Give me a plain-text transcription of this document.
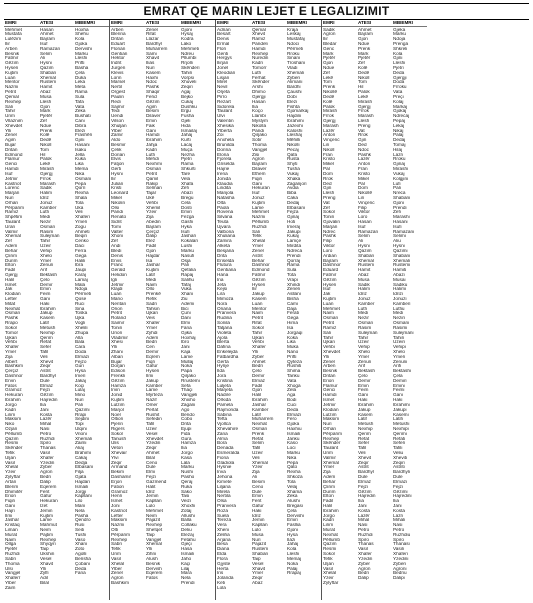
EMRAT QE MARIN LEJET E LEGALIZIMIT
EMRI
Mehmet
Mustafa
Lulëzim
Ilir
Arben
Besnik
Fatmir
Gëzim
Hysen
Kujtim
Luan
Mentor
Nazmi
Petrit
Qemal
Rexhep
Sali
Tahir
Urim
Vllaznim
Xhevdet
Ylli
Zenel
Agim
Bujar
Dritan
Edmond
Flamur
Genci
Hamdi
Isuf
Jetmir
Kastriot
Lorenc
Marjan
Nuri
Orhan
Përparim
Ramiz
Shpëtim
Taulant
Uran
Valmir
Xhemal
Zef
Adem
Behar
Çlirim
Durim
Elton
Fadil
Gjergj
Halil
Ismet
Jak
Klodian
Lefter
Mitat
Nexhat
Osman
Pashk
Rrapo
Sokol
Tomor
Ujkan
Vehbi
Xhafer
Ymer
Zija
Albert
Bashkim
Çerçiz
Dashnor
Ervin
Fatos
Gramoz
Hekuran
Ibrahim
Jorgo
Kadri
Lirim
Maksim
Niko
Ozjan
Pëllumb
Qazim
Resmi
Skënder
Tefik
Uljan
Vasil
Xhelal
Yzeir
Zylyftar
Artan
Blerim
Dhimitër
Erion
Fiqiri
Gani
Hajri
Ilmi
Jashar
Kristaq
Liman
Murat
Naim
Ollga
Pjetër
Ruzhdi
Sabri
Thoma
Ulsi
Vangjel
Xhaferr
Ylber
Zaim
ATESI
Hasan
Ahmet
Bajram
Isuf
Ramazan
Selim
Ali
Hysni
Qazim
Shaban
Xhemal
Rustem
Hamit
Abaz
Musa
Llesh
Gjon
Mark
Pjetër
Zef
Ndue
Prenk
Kolë
Dedë
Nikoll
Tom
Hil
Palok
Lekë
Mirash
Gjergj
Frrok
Marash
Sadik
Halim
Idriz
Jonuz
Kamber
Lutfi
Medi
Nezir
Osman
Rasim
Sulejman
Tahir
Uzeir
Vehip
Xhelo
Ymer
Zenun
Arif
Bektash
Çelo
Demir
Emin
Feim
Gani
Haki
Ibrahim
Jakup
Kasem
Latif
Metush
Nexhip
Qerim
Refat
Sefer
Tafil
Veli
Xhevit
Zeqir
Astrit
Bardhyl
Dule
Elmaz
Fejzi
Gëzim
Hajredin
Ilia
Jani
Kosta
Lazër
Mihal
Nasi
Petro
Ruzhdi
Spiro
Thanas
Vasil
Xhafer
Yzedin
Zyber
Agron
Bedri
Dalip
Eqerem
Ferit
Gafur
Hekuran
Izet
Jemin
Kujtim
Lame
Mahmut
Neim
Pajtim
Rexhep
Shyqyri
Taip
Ukshin
Vesel
Xhavit
Ylli
Zylfi
Adil
Bilal
MBIEMRI
Hoxha
Shehu
Kola
Gjoka
Dervishi
Marku
Lleshi
Prifti
Basha
Çela
Duka
Leka
Meta
Rama
Sula
Tafa
Vata
Zeka
Bushati
Cani
Dibra
Elezi
Frashëri
Gjini
Hasani
Isaku
Jella
Kuka
Lika
Mema
Nika
Osmani
Pepa
Qorri
Rexha
Shala
Tola
Uka
Veli
Xhaferi
Ymeri
Zogu
Ahmeti
Beqiri
Cenko
Daci
Ferra
Gega
Halili
Ibra
Jaupi
Karaj
Lamaj
Mala
Ndoja
Përmeti
Qose
Ruci
Sina
Toska
Ujka
Vogli
Xhelili
Zhupa
Alla
Bala
Cara
Doda
Elmazi
Fejzo
Guri
Hysa
Imeri
Jakaj
Koçi
Lulaj
Mino
Nuri
Pali
Qazimi
Rrapi
Sejdini
Topi
Ulqini
Vrioni
Xhemali
Zaimi
Aliaj
Brahimi
Cakaj
Dedja
Elbasani
Filja
Gjata
Hajdari
Ismaili
Jorgji
Kapllani
Lilo
Mani
Nela
Pasha
Qendro
Rusi
Seiti
Tushi
Vaso
Xhani
Zoto
Agolli
Berisha
Çobani
Deda
Fana
EMRI
Arben
Blerina
Dritan
Eduart
Florian
Gentian
Hektor
Indrit
Jurgen
Klevis
Lorin
Marsel
Nertil
Orgest
Paulin
Redi
Sajmir
Tedi
Uendi
Vilson
Xhuljan
Ylber
Zamir
Aldo
Besmir
Çelik
Dorian
Elvis
Fatjon
Gerti
Hysni
Ilir
Julian
Kristi
Leonard
Mikel
Nikolin
Olsi
Pandi
Renato
Sidrit
Tomi
Valter
Xhoni
Zef
Andi
Bledi
Denis
Ervis
Franc
Gerald
Helidon
Igli
Jetmir
Klajdi
Luan
Mario
Neritan
Orion
Petrit
Roland
Saimir
Tonin
Urion
Vladimir
Xhesi
Ylli
Zhani
Alban
Bujar
Dorjan
Edison
Frenkli
Gëzim
Hamza
Irvin
Jonid
Kujtim
Lulzim
Marjol
Noel
Oltion
Pjerin
Rigers
Sokol
Tanush
Ulis
Veton
Xhevair
Ylvi
Zeqir
Armand
Bekim
Dashamir
Erjon
Fation
Gramoz
Henri
Ismet
Joni
Kastriot
Lefter
Maksim
Nazmi
Olti
Përparim
Rexhep
Sabri
Tefik
Urim
Vasil
Xhelal
Ylber
Zenel
Agron
Bashkim
ATESI
Zenel
Rifat
Llazar
Bardhyl
Muharrem
Sami
Xhavit
Ilias
Nuri
Kasem
Haxhi
Ndoc
Pashk
Shaqir
Ferid
Gëzim
Agim
Besim
Dilaver
Emin
Faik
Gani
Hamdi
Ibrahim
Jahja
Kadri
Lutfi
Mehdi
Nexhmi
Osman
Petrit
Qamil
Rakip
Selman
Tajar
Ukë
Vehbi
Xhemil
Yzeir
Zija
Abedin
Bajram
Çerçiz
Dalip
Elez
Fadil
Gjon
Hajdar
Isa
Jashar
Kujtim
Latif
Medi
Naim
Ollo
Prenkë
Refik
Sadri
Tahsin
Ujkan
Veis
Xhafer
Ymer
Zyhdi
Adem
Bedri
Cen
Demir
Eqrem
Fiqri
Gafur
Hysen
Ilmi
Jakup
Kamber
Lame
Myrteza
Nazif
Omer
Perlat
Rushit
Sefedin
Tafil
Uzeir
Vesel
Xhevdet
Yzedin
Zeqir
Ahmet
Bilal
Ceno
Dule
Elmi
Fejzi
Gazmend
Halit
Idriz
Jemin
Kapllan
Lulo
Mehmet
Neim
Pajazit
Rexhep
Shefqet
Taip
Vangjel
Xhemal
Ylli
Zihni
Alush
Besnik
Dervish
Eqerem
Fatos
MBIEMRI
Gjoni
Hysaj
Kodra
Lako
Mehmeti
Ndreu
Pllumbi
Rrjolli
Skënderi
Tahiri
Vorpsi
Xhuveli
Zeqiri
Agaj
Bejko
Cukaj
Dushku
Ergu
Fusha
Gjeli
Hida
Ismailaj
Jahaj
Kurti
Lacaj
Muça
Nezha
Pjetri
Rama
Shkurti
Tare
Vela
Xhafa
Zefi
Abazi
Bregu
Cela
Dosti
Emiri
Fezga
Gashi
Hyka
Isufi
Jashari
Kokalari
Lushi
Marku
Nasufi
Osja
Pali
Qefalia
Rapaj
Salihu
Tafaj
Vuka
Xhani
Ziu
Ademi
Bici
Çuni
Dani
Elmi
Fana
Gjika
Hoxhaj
Ibro
Jani
Kaja
Lame
Mullaj
Noka
Papa
Qirjako
Rrustemi
Sefa
Thaçi
Vangjeli
Xhixho
Zagani
Ago
Bendo
Cobo
Drita
Ejupi
Fida
Gura
Hamza
Ilia
Jorgo
Kasa
Lala
Marku
Nushi
Pasho
Qeraj
Ruka
Sako
Tasi
Veizi
Xhoxhi
Zotaj
Allushi
Balla
Collaku
Deliu
Elezaj
Fetahu
Gjeçi
Hasa
Ismaili
Jaho
Kaçi
Lilaj
Mara
Nela
Prendi
EMRI
Adrian
Besart
Denis
Ermal
Flori
Genti
Hergys
Ilirjan
Jonel
Kleodian
Lisjan
Mirel
Nevil
Orjeta
Pirro
Rezart
Sidorela
Taulant
Ulvi
Valentin
Xhesika
Ylberta
Zoi
Anxhela
Brunilda
Dorina
Elona
Fjorela
Griselda
Hajrie
Irena
Jonida
Klaudia
Lindita
Manjola
Natasha
Olta
Paola
Rovena
Silvana
Teuta
Ujvara
Valbona
Xhuliana
Zamira
Alketa
Besjana
Drita
Eriselda
Flutura
Gentiana
Hana
Ina
Jeta
Kejsi
Lira
Mimoza
Nora
Oriana
Pranvera
Rudina
Sonila
Tatjana
Violeta
Ajola
Blerta
Dafina
Enkelejda
Fatbardha
Gerta
Hyrije
Ilda
Jora
Kristina
Luljeta
Marjeta
Nadire
Orkida
Pamela
Rajmonda
Sabina
Tefta
Vjollca
Xhevahire
Zana
Alma
Bora
Denada
Esmeralda
Fiona
Gladiola
Hysnie
Inva
Jehona
Kimete
Liljana
Mirela
Nertila
Olsa
Pranvera
Roza
Suela
Tereza
Vera
Xheni
Zeliha
Arjana
Besa
Diana
Elda
Flora
Gjyste
Herta
Iris
Jolanda
Keti
Lola
ATESI
Qemal
Xhevit
Ramiz
Pandeli
Hamdi
Rexhep
Nuredin
Kadri
Tomorr
Lutfi
Ferhat
Skënder
Arshi
Dhimo
Gjergji
Hasan
Ilia
Koço
Llambi
Myslym
Nikolla
Pandi
Qirjako
Sotir
Thoma
Vangjel
Zisi
Agron
Bajram
Dilaver
Ethem
Fiqiri
Gani
Hekuran
Isuf
Jonuz
Kujtim
Lame
Mehmet
Nazmi
Pëllumb
Ruzhdi
Sali
Tefik
Xhelal
Ymer
Zenel
Astrit
Behar
Dashnor
Edmond
Fatmir
Gëzim
Hysen
Ilir
Jakup
Kasem
Luan
Mentor
Naim
Petrit
Rifat
Sokol
Tahir
Ujkan
Vehbi
Xhafer
Ylli
Zyber
Ahmet
Bedri
Çelo
Demir
Elmaz
Fadil
Gjon
Halil
Ibrahim
Jashar
Kamber
Latif
Muharrem
Nexhat
Osman
Prenk
Refat
Selim
Tafil
Uzeir
Veli
Xhemal
Yzeir
Zija
Ali
Besim
Ceno
Dule
Emin
Ferit
Gafur
Haki
Idriz
Jemin
Kapllan
Lulo
Musa
Nuri
Pajazit
Rustem
Shaban
Taip
Vesel
Xhavit
Ymer
Zeqir
Abaz
MBIEMRI
Kraja
Leskaj
Mustafaj
Ndoci
Përmeti
Rroku
Sinani
Troshani
Vladi
Xhemali
Zyberi
Alimani
Bardhi
Çaushi
Dobi
Elezi
Fishta
Gjomarkaj
Hajdini
Ibrahimi
Jazexhi
Kaloshi
Lleshaj
Mëhilli
Nikolli
Pecaj
Qafa
Rusta
Shyti
Tusha
Vukaj
Xhaka
Zaganjori
Avdia
Biba
Caka
Dedaj
Elbasani
Fejza
Gjinaj
Hoti
Imeraj
Jakupi
Kukaj
Lamçe
Mirdita
Ndreca
Prendi
Qorraj
Rama
Sula
Tota
Vrapi
Xhindi
Zeneli
Asllani
Bisha
Cami
Daja
Ferati
Gega
Hima
Isa
Jorgaqi
Koka
Lika
Muka
Nano
Prifti
Qyteza
Rushiti
Shima
Tanku
Vata
Xhoga
Zela
Aga
Bodi
Cuci
Deda
Elmazi
Fero
Gjoka
Haxhiu
Ismaili
Janku
Kaso
Loci
Marku
Nika
Pepa
Qato
Rexha
Shkoza
Tola
Velaj
Xhama
Zeka
Alushi
Bregasi
Çela
Dervishi
Emiri
Fasllia
Gjoni
Hysa
Ilazi
Jahaj
Kola
Lleshi
Memaj
Noka
Palaj
Rrapaj
EMRI
Sadik
Agron
Ilir
Bledar
Genc
Mark
Pjetër
Gjon
Ndue
Zef
Lekë
Tom
Prenk
Nikollë
Dedë
Kolë
Palok
Mirash
Frrok
Gjergj
Marash
Lazër
Anton
Vinçenc
Lin
Nikoll
Fran
Kristo
Mikel
Pal
Dom
Rrok
Ded
Gjin
Llesh
Preng
Vat
Zef
Sokol
Tonin
Gjovalin
Marjan
Ndrec
Pashk
Filip
Viktor
Loro
Ardian
Bajram
Dashnor
Eduard
Fatmir
Gëzim
Hysen
Isuf
Jak
Kujtim
Luan
Mehmet
Naim
Osman
Petrit
Ramiz
Sali
Tahir
Ujkan
Vehbi
Xhevdet
Ylli
Zenel
Arben
Besnik
Dritan
Erion
Flamur
Genci
Hamdi
Ismet
Jetmir
Klodian
Lulzim
Maksim
Nuri
Orhan
Përparim
Rexhep
Skënder
Taulant
Urim
Valmir
Xhemal
Ymer
Zija
Adem
Behar
Çlirim
Durim
Elton
Fadil
Halil
Ibrahim
Jorgo
Kadri
Lirim
Murat
Nexhat
Pëllumb
Qazim
Resmi
Sokol
Tefik
Uljan
Vasil
Xhelal
Yzeir
Zylyftar
ATESI
Ahmet
Bajram
Gjon
Ndue
Prenk
Mark
Pjetër
Zef
Kolë
Dedë
Nikoll
Tom
Hil
Palok
Lekë
Mirash
Gjergj
Frrok
Marash
Llesh
Preng
Vat
Rrok
Gjin
Ded
Ndoc
Pashk
Lazër
Anton
Fran
Kristo
Mikel
Pal
Dom
Nikollë
Lin
Vinçenc
Filip
Viktor
Loro
Hasan
Isuf
Ramazan
Selim
Ali
Hysni
Qazim
Shaban
Xhemal
Rustem
Hamit
Abaz
Musa
Sadik
Halim
Idriz
Jonuz
Kamber
Lutfi
Medi
Nezir
Osman
Rasim
Sulejman
Tahir
Uzeir
Vehip
Xhelo
Ymer
Zenun
Arif
Bektash
Çelo
Demir
Emin
Feim
Gani
Haki
Ibrahim
Jakup
Kasem
Latif
Metush
Nexhip
Qerim
Refat
Sefer
Tafil
Veli
Xhevit
Zeqir
Astrit
Bardhyl
Dule
Elmaz
Fejzi
Gëzim
Hajredin
Ilia
Jani
Kosta
Lazër
Mihal
Nasi
Petro
Ruzhdi
Spiro
Thanas
Vasil
Xhafer
Yzedin
Zyber
Agron
Bedri
Dalip
MBIEMRI
Gjeka
Marku
Ndoja
Prenga
Shkreli
Kola
Gjini
Lleshi
Pjetri
Deda
Gjergji
Doda
Frroku
Vata
Preçi
Kolaj
Markaj
Gjokaj
Ndrecaj
Pepaj
Lekaj
Nikaj
Palaj
Dedaj
Tomaj
Hilaj
Lazri
Rroku
Gjinaj
Mirashi
Vukaj
Kolgjini
Lufi
Pali
Nreca
Shabani
Gjoni
Prendi
Zefi
Marashi
Hasani
Isufi
Ramazani
Selimi
Aliu
Hysni
Qazimi
Shabani
Xhemali
Rustemi
Hamiti
Abazi
Musai
Sadiku
Halimi
Idrizi
Jonuzi
Kamberi
Lutfiu
Medi
Neziri
Osmani
Rasimi
Sulejmani
Tahiri
Uzeiri
Vehipi
Xhelo
Ymeri
Zenuni
Arifi
Bektashi
Çela
Demiri
Emini
Feimi
Gani
Haki
Ibrahimi
Jakupi
Kasemi
Latifi
Metushi
Nexhipi
Qerimi
Refati
Seferi
Tafili
Veliu
Xheviti
Zeqiri
Astriti
Bardhyli
Dule
Elmazi
Fejzi
Gëzimi
Hajredini
Ilia
Jani
Kosta
Lazri
Mihali
Nasi
Petro
Ruzhdiu
Spiro
Thanasi
Vasili
Xhaferi
Yzedini
Zyberi
Agroni
Bedriu
Dalipi
